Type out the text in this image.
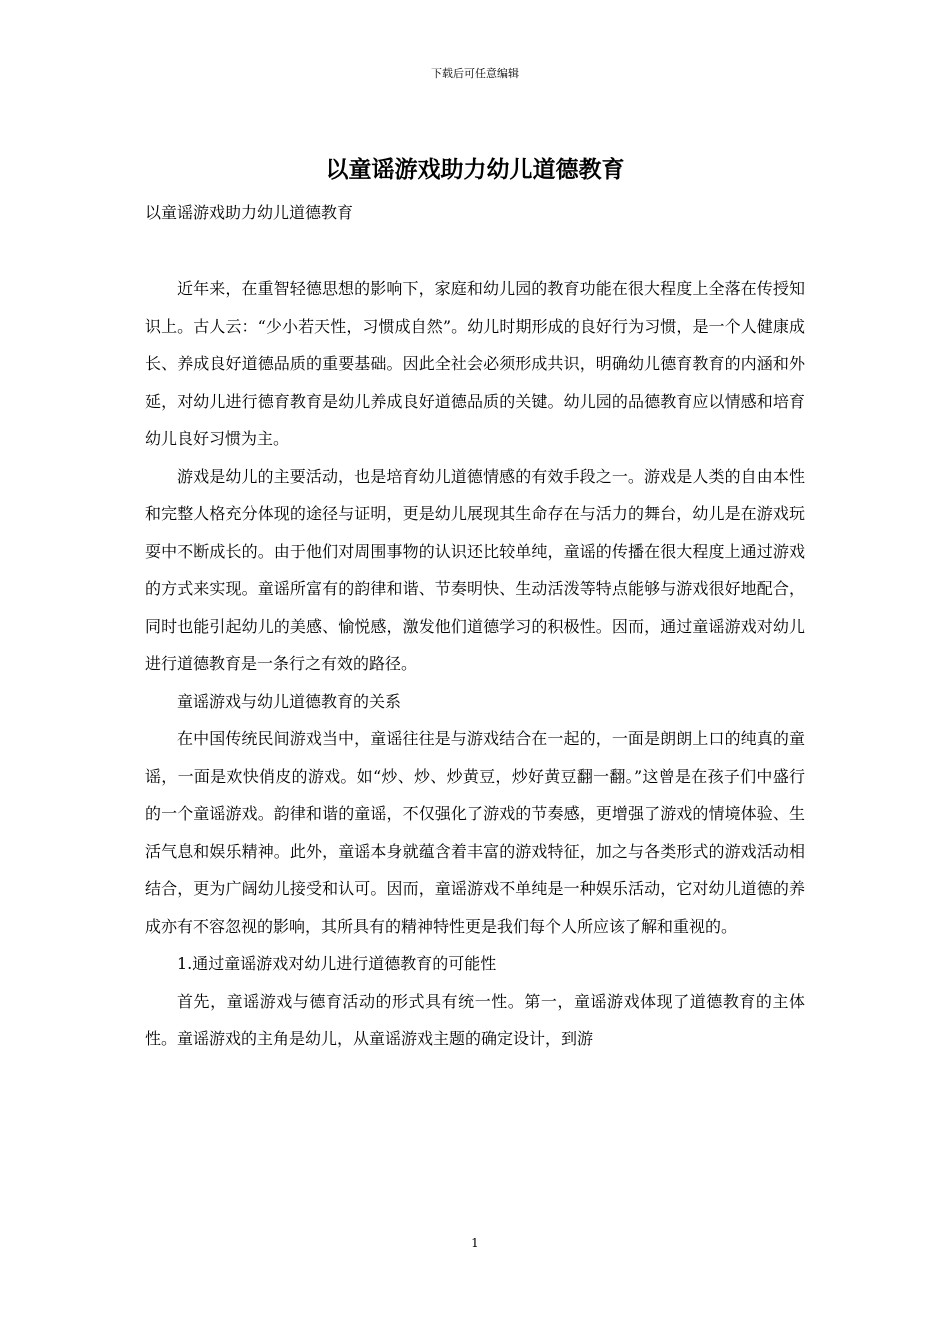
下载后可任意编辑
以童谣游戏助力幼儿道德教育
以童谣游戏助力幼儿道德教育

近年来，在重智轻德思想的影响下，家庭和幼儿园的教育功能在很大程度上全落在传授知识上。古人云：“少小若天性，习惯成自然”。幼儿时期形成的良好行为习惯，是一个人健康成长、养成良好道德品质的重要基础。因此全社会必须形成共识，明确幼儿德育教育的内涵和外延，对幼儿进行德育教育是幼儿养成良好道德品质的关键。幼儿园的品德教育应以情感和培育幼儿良好习惯为主。

游戏是幼儿的主要活动，也是培育幼儿道德情感的有效手段之一。游戏是人类的自由本性和完整人格充分体现的途径与证明，更是幼儿展现其生命存在与活力的舞台，幼儿是在游戏玩耍中不断成长的。由于他们对周围事物的认识还比较单纯，童谣的传播在很大程度上通过游戏的方式来实现。童谣所富有的韵律和谐、节奏明快、生动活泼等特点能够与游戏很好地配合，同时也能引起幼儿的美感、愉悦感，激发他们道德学习的积极性。因而，通过童谣游戏对幼儿进行道德教育是一条行之有效的路径。

童谣游戏与幼儿道德教育的关系

在中国传统民间游戏当中，童谣往往是与游戏结合在一起的，一面是朗朗上口的纯真的童谣，一面是欢快俏皮的游戏。如“炒、炒、炒黄豆，炒好黄豆翻一翻。”这曾是在孩子们中盛行的一个童谣游戏。韵律和谐的童谣，不仅强化了游戏的节奏感，更增强了游戏的情境体验、生活气息和娱乐精神。此外，童谣本身就蕴含着丰富的游戏特征，加之与各类形式的游戏活动相结合，更为广阔幼儿接受和认可。因而，童谣游戏不单纯是一种娱乐活动，它对幼儿道德的养成亦有不容忽视的影响，其所具有的精神特性更是我们每个人所应该了解和重视的。

1.通过童谣游戏对幼儿进行道德教育的可能性

首先，童谣游戏与德育活动的形式具有统一性。第一，童谣游戏体现了道德教育的主体性。童谣游戏的主角是幼儿，从童谣游戏主题的确定设计，到游

1
